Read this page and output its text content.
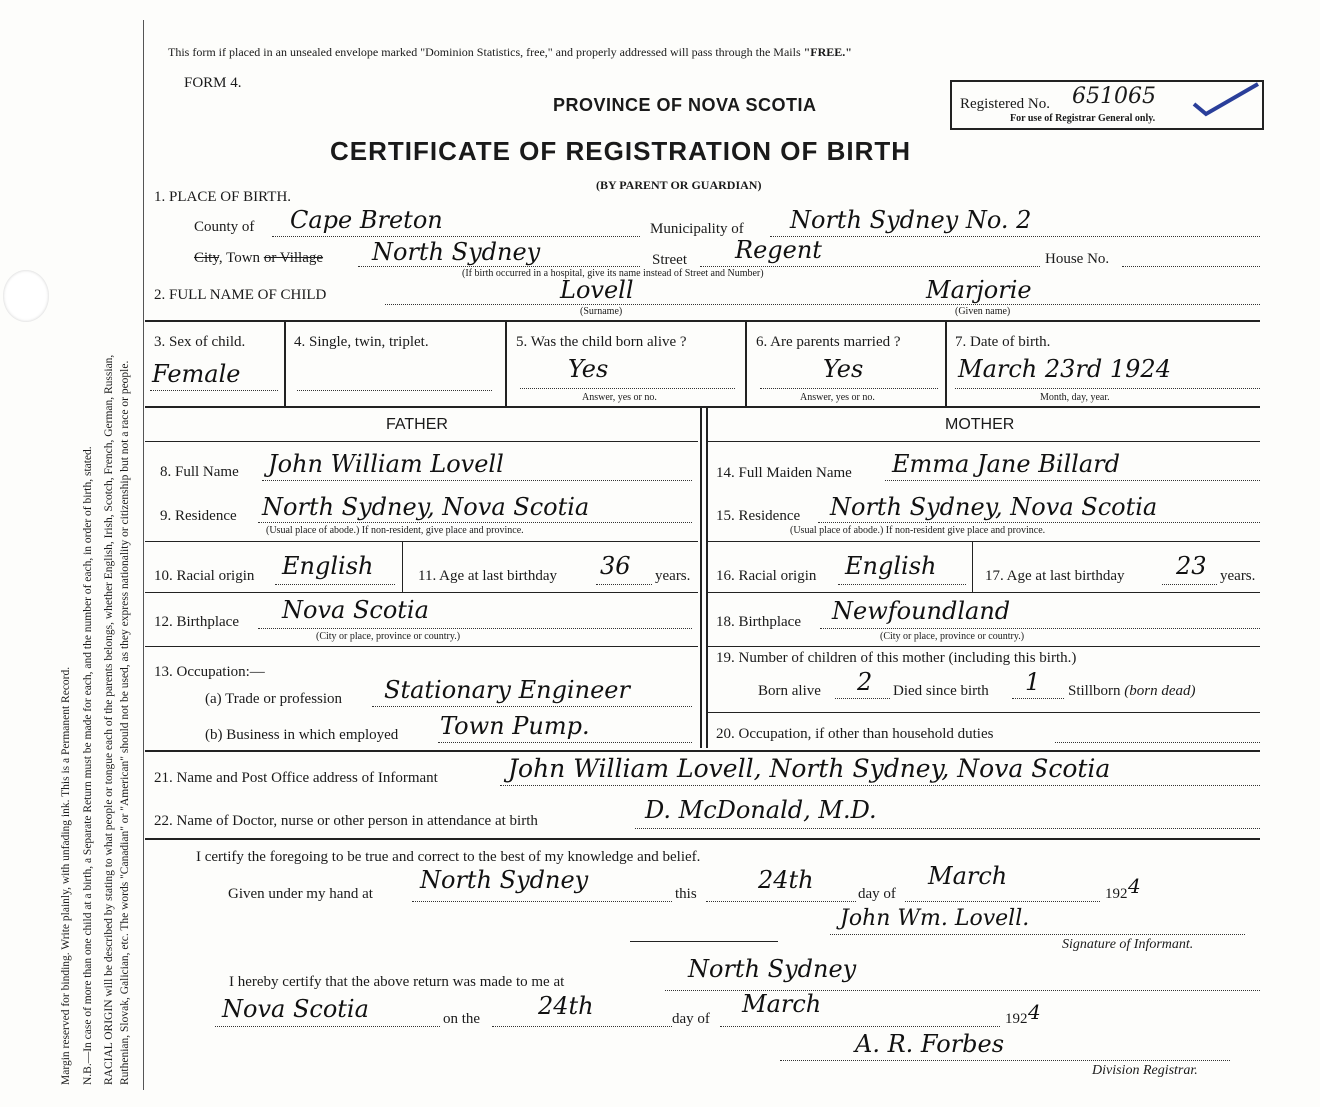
Margin reserved for binding. Write plainly, with unfading ink. This is a Permanent Record. N.B.—In case of more than one child at a birth, a Separate Return must be made for each, and the number of each, in order of birth, stated. RACIAL ORIGIN will be described by stating to what people or tongue each of the parents belongs, whether English, Irish, Scotch, French, German, Russian, Ruthenian, Slovak, Galician, etc. The words "Canadian" or "American" should not be used, as they express nationality or citizenship but not a race or people.
This form if placed in an unsealed envelope marked "Dominion Statistics, free," and properly addressed will pass through the Mails "FREE."
FORM 4.
PROVINCE OF NOVA SCOTIA
CERTIFICATE OF REGISTRATION OF BIRTH
(BY PARENT OR GUARDIAN)
Registered No. 651065
For use of Registrar General only.
1. PLACE OF BIRTH.
County of Cape Breton	Municipality of North Sydney No. 2
City, Town or Village North Sydney	Street Regent	House No.
(If birth occurred in a hospital, give its name instead of Street and Number)
2. FULL NAME OF CHILD	Lovell
(Surname)
Marjorie
(Given name)
3. Sex of child.
Female
4. Single, twin, triplet.	5. Was the child born alive ?
Yes
Answer, yes or no.
6. Are parents married ?
Yes
Answer, yes or no.
7. Date of birth.
March 23rd 1924
Month, day, year.
FATHER	MOTHER
8. Full Name John William Lovell
9. Residence North Sydney, Nova Scotia
(Usual place of abode.) If non-resident, give place and province.
10. Racial origin English	11. Age at last birthday 36 years.
12. Birthplace Nova Scotia
(City or place, province or country.)
13. Occupation:—
(a) Trade or profession Stationary Engineer
(b) Business in which employed Town Pump.
14. Full Maiden Name Emma Jane Billard
15. Residence North Sydney, Nova Scotia
(Usual place of abode.) If non-resident give place and province.
16. Racial origin English	17. Age at last birthday 23 years.
18. Birthplace Newfoundland
(City or place, province or country.)
19. Number of children of this mother (including this birth.)
Born alive 2 Died since birth 1 Stillborn (born dead)
20. Occupation, if other than household duties
21. Name and Post Office address of Informant	John William Lovell, North Sydney, Nova Scotia
22. Name of Doctor, nurse or other person in attendance at birth	D. McDonald, M.D.
I certify the foregoing to be true and correct to the best of my knowledge and belief.
Given under my hand at North Sydney	this	24th	day of
March
192 4
John Wm. Lovell.
Signature of Informant.
I hereby certify that the above return was made to me at	North Sydney
Nova Scotia	on the 24th	day of
March
192 4
A. R. Forbes
Division Registrar.
